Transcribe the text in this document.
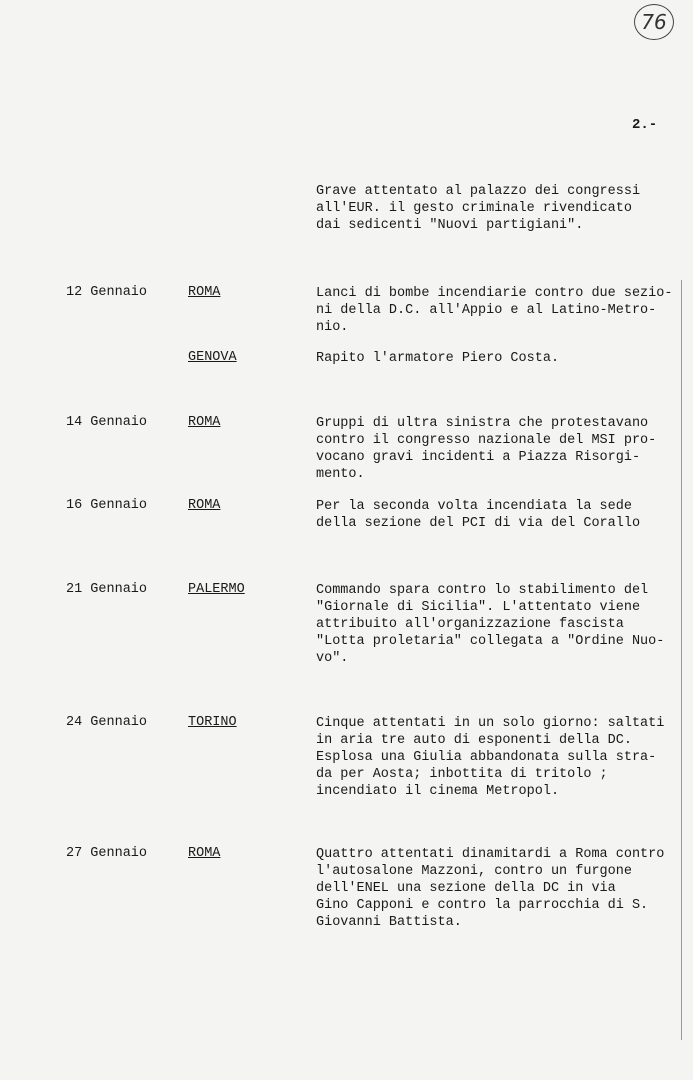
76
2.-
Grave attentato al palazzo dei congressi
all'EUR. il gesto criminale rivendicato
dai sedicenti "Nuovi partigiani".
12 Gennaio	ROMA	Lanci di bombe incendiarie contro due sezio-
ni della D.C. all'Appio e al Latino-Metro-
nio.
GENOVA	Rapito l'armatore Piero Costa.
14 Gennaio	ROMA	Gruppi di ultra sinistra che protestavano
contro il congresso nazionale del MSI pro-
vocano gravi incidenti a Piazza Risorgi-
mento.
16 Gennaio	ROMA	Per la seconda volta incendiata la sede
della sezione del PCI di via del Corallo
21 Gennaio	PALERMO	Commando spara contro lo stabilimento del
"Giornale di Sicilia". L'attentato viene
attribuito all'organizzazione fascista
"Lotta proletaria" collegata a "Ordine Nuo-
vo".
24 Gennaio	TORINO	Cinque attentati in un solo giorno: saltati
in aria tre auto di esponenti della DC.
Esplosa una Giulia abbandonata sulla stra-
da per Aosta; inbottita di tritolo ;
incendiato il cinema Metropol.
27 Gennaio	ROMA	Quattro attentati dinamitardi a Roma contro
l'autosalone Mazzoni, contro un furgone
dell'ENEL una sezione della DC in via
Gino Capponi e contro la parrocchia di S.
Giovanni Battista.
